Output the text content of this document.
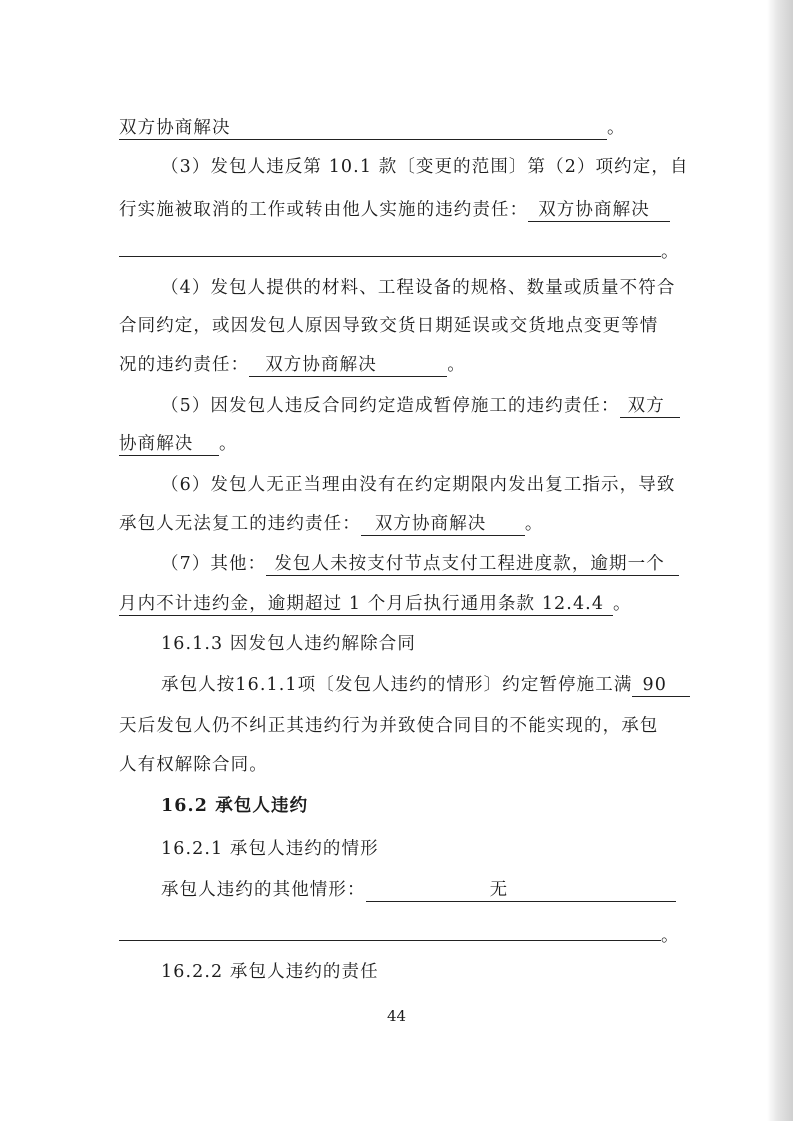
双方协商解决	。
（3）发包人违反第 10.1 款〔变更的范围〕第（2）项约定，自
行实施被取消的工作或转由他人实施的违约责任： 双方协商解决
。
（4）发包人提供的材料、工程设备的规格、数量或质量不符合
合同约定，或因发包人原因导致交货日期延误或交货地点变更等情
况的违约责任： 双方协商解决	。
（5）因发包人违反合同约定造成暂停施工的违约责任： 双方
协商解决 。
（6）发包人无正当理由没有在约定期限内发出复工指示，导致
承包人无法复工的违约责任： 双方协商解决 。
（7）其他： 发包人未按支付节点支付工程进度款，逾期一个
月内不计违约金，逾期超过 1 个月后执行通用条款 12.4.4 。
16.1.3 因发包人违约解除合同
承包人按16.1.1项〔发包人违约的情形〕约定暂停施工满 90
天后发包人仍不纠正其违约行为并致使合同目的不能实现的，承包
人有权解除合同。
16.2 承包人违约
16.2.1 承包人违约的情形
承包人违约的其他情形：	无
。
16.2.2 承包人违约的责任
44
